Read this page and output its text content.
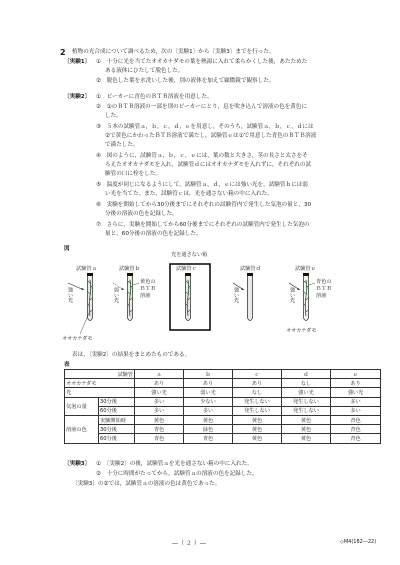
2 植物の光合成について調べるため，次の〔実験1〕から〔実験3〕までを行った。
〔実験1〕 ①　十分に光を当てたオオカナダモの葉を熱湯に入れて柔らかくした後，あたためた
ある液体にひたして脱色した。
②　脱色した葉を水洗いした後，別の液体を加えて顕微鏡で観察した。
〔実験2〕 ①　ビーカーに青色のＢＴＢ溶液を用意した。
②　①のＢＴＢ溶液の一部を別のビーカーにとり，息を吹き込んで溶液の色を黄色に
した。
③　５本の試験管ａ，ｂ，ｃ，ｄ，ｅを用意し，そのうち，試験管ａ，ｂ，ｃ，ｄには
②で黄色にかわったＢＴＢ溶液で満たし，試験管ｅは①で用意した青色のＢＴＢ溶液
で満たした。
④　図のように，試験管ａ，ｂ，ｃ，ｅには，葉の数と大きさ，茎の長さと太さをそ
ろえたオオカナダモを入れ，試験管ｄにはオオカナダモを入れずに，それぞれの試
験管の口に栓をした。
⑤　温度が同じになるようにして，試験管ａ，ｄ，ｅには強い光を，試験管ｂには弱
い光を当てた。また，試験管ｃは，光を通さない箱の中に入れた。
⑥　実験を開始してから30分後までにそれぞれの試験管内で発生した気泡の量と，30
分後の溶液の色を記録した。
⑦　さらに，実験を開始してから60分後までにそれぞれの試験管内で発生した気泡の
量と，60分後の溶液の色を記録した。
図
光を通さない箱
試験管ａ	試験管ｂ	試験管ｃ	試験管ｄ	試験管ｅ
黄色の
ＢＴＢ
溶液
青色の
ＢＴＢ
溶液
強い光	弱い光	強い光	強い光
オオカナダモ
オオカナダモ
表は，〔実験2〕の結果をまとめたものである。
表
試験管		ａ	ｂ	ｃ	ｄ	ｅ
オオカナダモ		あり	あり	あり	なし	あり
光		強い光	弱い光	なし	強い光	強い光
気泡の量	30分後	多い	少ない	発生しない	発生しない	多い
	60分後	多い	多い	発生しない	発生しない	多い
溶液の色	実験開始時	黄色	黄色	黄色	黄色	青色
	30分後	青色	緑色	黄色	黄色	青色
	60分後	青色	青色	黄色	黄色	青色
〔実験3〕 ①　〔実験2〕の後，試験管ａを光を通さない箱の中に入れた。
②　十分に時間がたってから，試験管ａの溶液の色を記録した。
〔実験3〕の②では，試験管ａの溶液の色は黄色であった。
―（ ２ ）―	◇M4(182―22)
